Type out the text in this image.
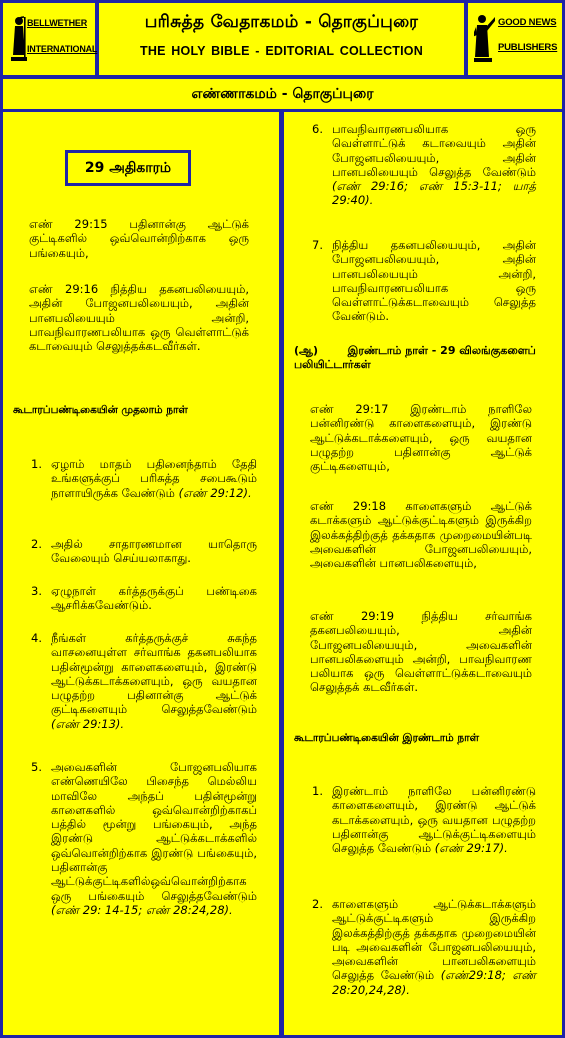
BELLWETHER
INTERNATIONAL
பரிசுத்த வேதாகமம் - தொகுப்புரை
THE HOLY BIBLE - EDITORIAL COLLECTION
GOOD NEWS
PUBLISHERS
எண்ணாகமம் - தொகுப்புரை
29 அதிகாரம்
எண் 29:15 பதினான்கு ஆட்டுக் குட்டிகளில் ஒவ்வொன்றிற்காக ஒரு பங்கையும்,
எண் 29:16 நித்திய தகனபலியையும், அதின் போஜனபலியையும், அதின் பானபலியையும் அன்றி, பாவநிவாரணபலியாக ஒரு வெள்ளாட்டுக் கடாவையும் செலுத்தக்கடவீர்கள்.
கூடாரப்பண்டிகையின் முதலாம் நாள்
1. ஏழாம் மாதம் பதினைந்தாம் தேதி உங்களுக்குப் பரிசுத்த சபைகூடும் நாளாயிருக்க வேண்டும் (எண் 29:12).
2. அதில் சாதாரணமான யாதொரு வேலையும் செய்யலாகாது.
3. ஏழுநாள் கர்த்தருக்குப் பண்டிகை ஆசரிக்கவேண்டும்.
4. நீங்கள் கர்த்தருக்குச் சுகந்த வாசனையுள்ள சர்வாங்க தகனபலியாக பதின்மூன்று காளைகளையும், இரண்டு ஆட்டுக்கடாக்களையும், ஒரு வயதான பழுதற்ற பதினான்கு ஆட்டுக் குட்டிகளையும் செலுத்தவேண்டும் (எண் 29:13).
5. அவைகளின் போஜனபலியாக எண்ணெயிலே பிசைந்த மெல்லிய மாவிலே அந்தப் பதின்மூன்று காளைகளில் ஒவ்வொன்றிற்காகப் பத்தில் மூன்று பங்கையும், அந்த இரண்டு ஆட்டுக்கடாக்களில் ஒவ்வொன்றிற்காக இரண்டு பங்கையும், பதினான்கு ஆட்டுக்குட்டிகளில்ஒவ்வொன்றிற்காக ஒரு பங்கையும் செலுத்தவேண்டும் (எண் 29: 14-15; எண் 28:24,28).
6. பாவநிவாரணபலியாக ஒரு வெள்ளாட்டுக் கடாவையும் அதின் போஜனபலியையும், அதின் பானபலியையும் செலுத்த வேண்டும் (எண் 29:16; எண் 15:3-11; யாத் 29:40).
7. நித்திய தகனபலியையும், அதின் போஜனபலியையும், அதின் பானபலியையும் அன்றி, பாவநிவாரணபலியாக ஒரு வெள்ளாட்டுக்கடாவையும் செலுத்த வேண்டும்.
(ஆ)	இரண்டாம் நாள் - 29 விலங்குகளைப் பலியிட்டார்கள்
எண் 29:17 இரண்டாம் நாளிலே பன்னிரண்டு காளைகளையும், இரண்டு ஆட்டுக்கடாக்களையும், ஒரு வயதான பழுதற்ற பதினான்கு ஆட்டுக் குட்டிகளையும்,
எண் 29:18 காளைகளும் ஆட்டுக் கடாக்களும் ஆட்டுக்குட்டிகளும் இருக்கிற இலக்கத்திற்குத் தக்கதாக முறைமையின்படி அவைகளின் போஜனபலியையும், அவைகளின் பானபலிகளையும்,
எண் 29:19 நித்திய சர்வாங்க தகனபலியையும், அதின் போஜனபலியையும், அவைகளின் பானபலிகளையும் அன்றி, பாவநிவாரண பலியாக ஒரு வெள்ளாட்டுக்கடாவையும் செலுத்தக் கடவீர்கள்.
கூடாரப்பண்டிகையின் இரண்டாம் நாள்
1. இரண்டாம் நாளிலே பன்னிரண்டு காளைகளையும், இரண்டு ஆட்டுக் கடாக்களையும், ஒரு வயதான பழுதற்ற பதினான்கு ஆட்டுக்குட்டிகளையும் செலுத்த வேண்டும் (எண் 29:17).
2. காளைகளும் ஆட்டுக்கடாக்களும் ஆட்டுக்குட்டிகளும் இருக்கிற இலக்கத்திற்குத் தக்கதாக முறைமையின் படி அவைகளின் போஜனபலியையும், அவைகளின் பானபலிகளையும் செலுத்த வேண்டும் (எண்29:18; எண் 28:20,24,28).
